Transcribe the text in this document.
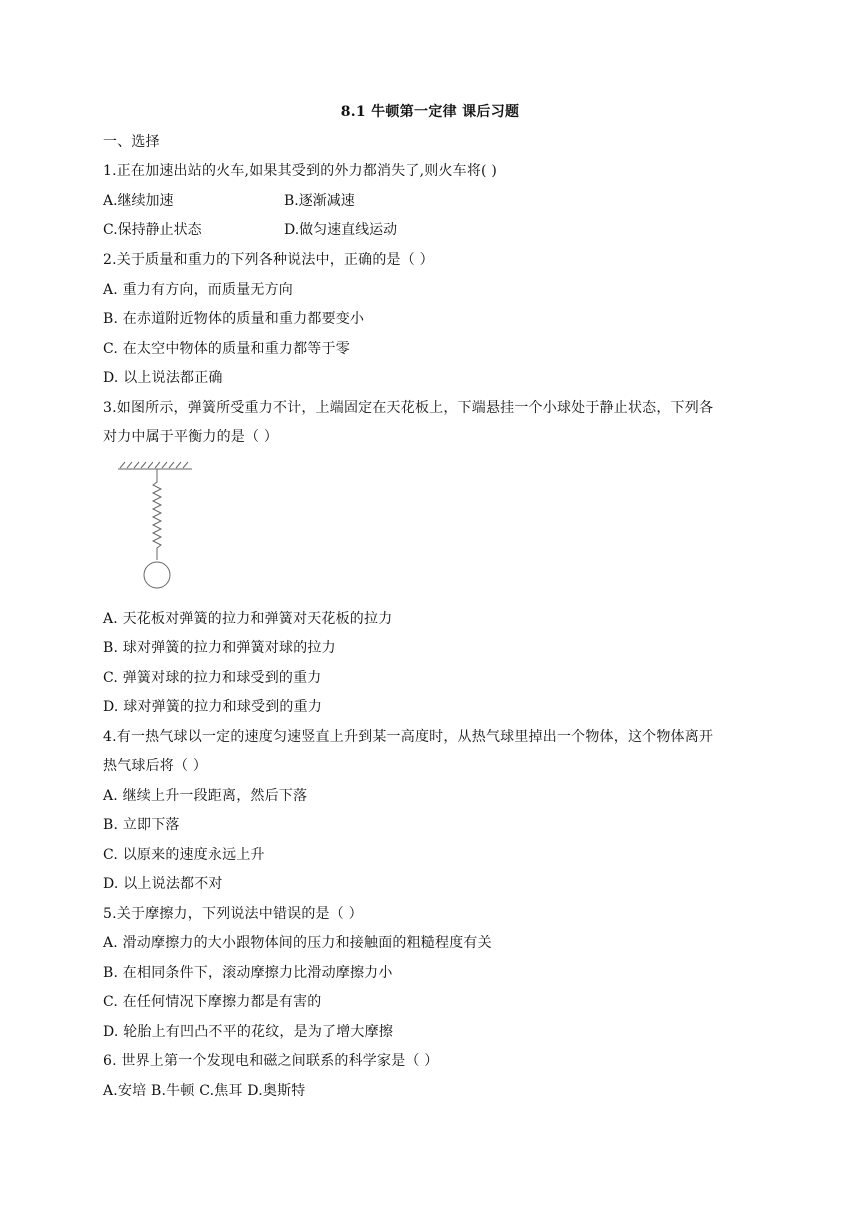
8.1 牛顿第一定律 课后习题
一、选择
1.正在加速出站的火车,如果其受到的外力都消失了,则火车将( )
A.继续加速	B.逐渐减速
C.保持静止状态	D.做匀速直线运动
2.关于质量和重力的下列各种说法中，正确的是（ ）
A. 重力有方向，而质量无方向
B. 在赤道附近物体的质量和重力都要变小
C. 在太空中物体的质量和重力都等于零
D. 以上说法都正确
3.如图所示，弹簧所受重力不计，上端固定在天花板上，下端悬挂一个小球处于静止状态，下列各
对力中属于平衡力的是（ ）
A. 天花板对弹簧的拉力和弹簧对天花板的拉力
B. 球对弹簧的拉力和弹簧对球的拉力
C. 弹簧对球的拉力和球受到的重力
D. 球对弹簧的拉力和球受到的重力
4.有一热气球以一定的速度匀速竖直上升到某一高度时，从热气球里掉出一个物体，这个物体离开
热气球后将（ ）
A. 继续上升一段距离，然后下落
B. 立即下落
C. 以原来的速度永远上升
D. 以上说法都不对
5.关于摩擦力，下列说法中错误的是（ ）
A. 滑动摩擦力的大小跟物体间的压力和接触面的粗糙程度有关
B. 在相同条件下，滚动摩擦力比滑动摩擦力小
C. 在任何情况下摩擦力都是有害的
D. 轮胎上有凹凸不平的花纹，是为了增大摩擦
6. 世界上第一个发现电和磁之间联系的科学家是（ ）
A.安培 B.牛顿 C.焦耳 D.奥斯特
